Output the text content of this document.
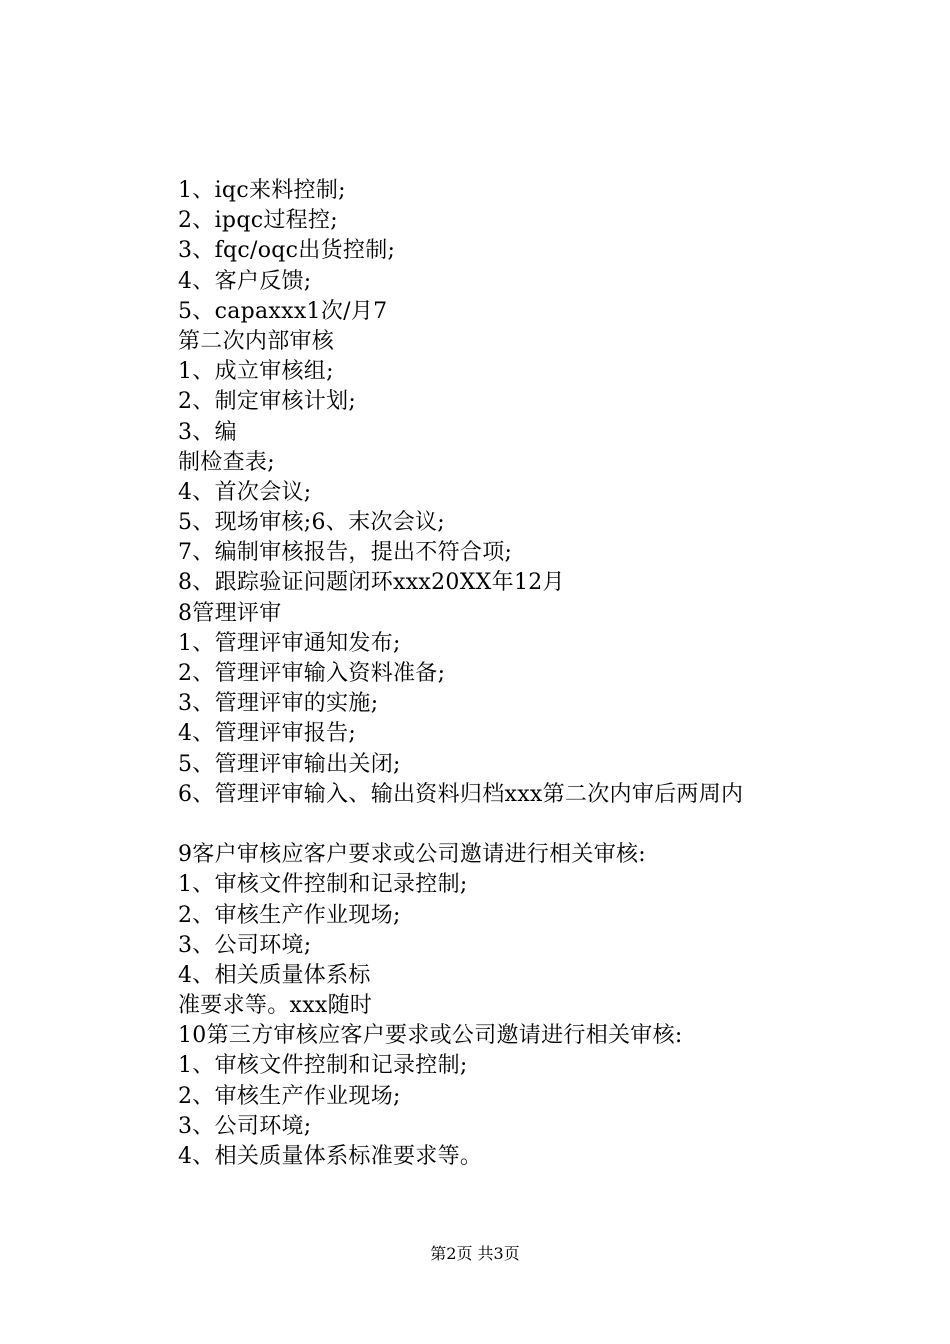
1、iqc来料控制;
2、ipqc过程控;
3、fqc/oqc出货控制;
4、客户反馈;
5、capaxxx1次/月7
第二次内部审核
1、成立审核组;
2、制定审核计划;
3、编
制检查表;
4、首次会议;
5、现场审核;6、末次会议;
7、编制审核报告，提出不符合项;
8、跟踪验证问题闭环xxx20XX年12月
8管理评审
1、管理评审通知发布;
2、管理评审输入资料准备;
3、管理评审的实施;
4、管理评审报告;
5、管理评审输出关闭;
6、管理评审输入、输出资料归档xxx第二次内审后两周内
9客户审核应客户要求或公司邀请进行相关审核:
1、审核文件控制和记录控制;
2、审核生产作业现场;
3、公司环境;
4、相关质量体系标
准要求等。xxx随时
10第三方审核应客户要求或公司邀请进行相关审核:
1、审核文件控制和记录控制;
2、审核生产作业现场;
3、公司环境;
4、相关质量体系标准要求等。
第2页 共3页
